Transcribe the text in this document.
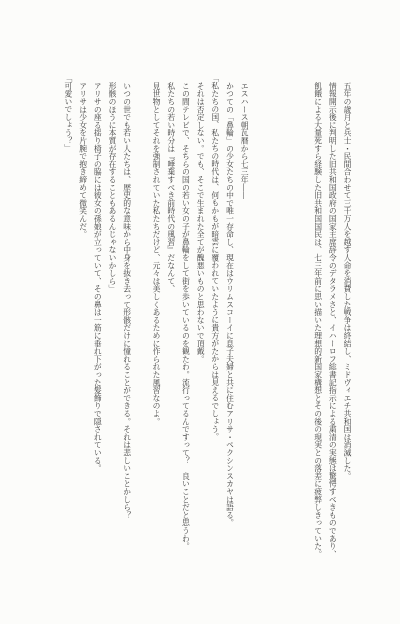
五年の歳月と兵士・民間合わせて三千万人を越す人命を消費した戦争は終結し、ミドヴィエチ共和国は消滅した。
情報開示後に判明した旧共和国政府の国家主席辞令のデタラメさと、イハーロフ総書記指示による粛清の実態は驚愕すべきものであり、
飢餓による大量死すら経験した旧共和国国民は、七三年前に思い描いた理想的新国家構想とその後の現実との落差に疲弊しきっていた。
エスハース朝瓦暦から七三年――
かつての「鼻輪」の少女たちの中で唯一存命し、現在はウリムスコーイに息子夫婦と共に住むアリサ・ペクシンスカヤは語る。
「私たちの国、私たちの時代は、何もかもが暗雲に覆われていたように貴方がたからは見えるでしょう。
それは否定しない。でも、そこで生まれた全てが醜悪いものと思わないで頂戴。
この間テレビで、そちらの国の若い女の子が鼻輪をして街を歩いているのを観たわ。流行ってるんですって？　良いことだと思うわ。
私たちの若い時分は『唾棄すべき前時代の風習』だなんて、
見世物としてそれを強制されていた私たちだけど、元々は美しくあるために作られた風習なのよ。
いつの世でも若い人たちは、歴史的な意味から中身を抜き去って形骸だけに憧れることができる。それは悲しいことかしら？
形骸のほうに本質が存在することもあるんじゃないかしら」
アリサの座る揺り椅子の脇には彼女の孫娘が立っていて、その鼻は一筋に垂れ下がった髪飾りで隠されている。
アリサは少女を片腕で抱き締めて微笑んだ。
「可愛いでしょう？」
